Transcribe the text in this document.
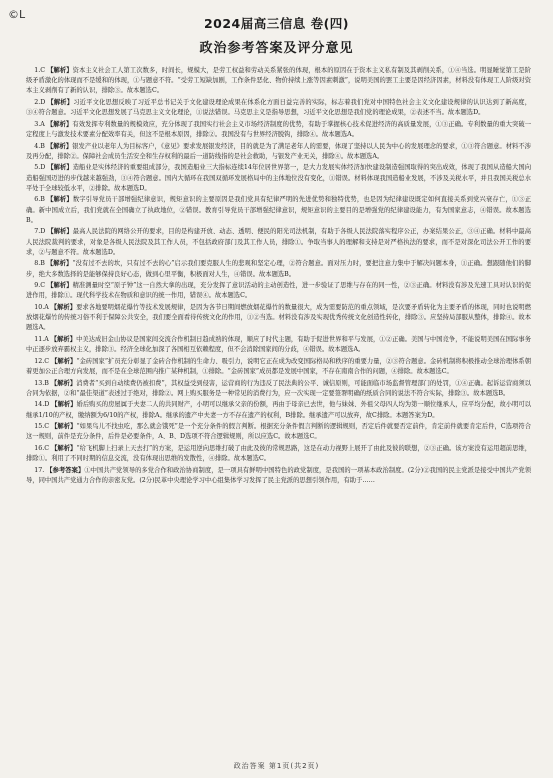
©L
2024届高三信息 卷(四)
政治参考答案及评分意见

1.C 【解析】资本主义社会工人第工次数多，时间长，规模大，是劳工权益和劳动关系紧张的体现，根本的原因在于资本主义私有制及其剥削关系，①④当选。明显睡觉第工是阶级矛盾激化的体现而不是缓和的体现，①与题意不符。“受劳工短缺加剧，工作条件恶化、物价持续上涨等因素刺激”，说明美国的罢工主要是因经济因素，材料没有体现工人阶级对资本主义剥削有了新的认识，排除③。故本题选C。

2.D 【解析】习近平文化思想反映了习近平总书记关于文化建设理论成果在体系化方面日益完善的实际，标志着我们党对中国特色社会主义文化建设规律的认识达到了新高度，③④符合题意。习近平文化思想发展了马克思主义文化理论，①说法错误。马克思主义是指导思想，习近平文化思想是我们党的理论成果，②表述不当。故本题选D。

3.A 【解析】有效发挥专利数量的规模效应，充分体现了我国实行社会主义市场经济制度的优势，有助于掌握核心技术促进经济的高质量发展，①③正确。专利数量的重大突破一定程度上与激发技术要素分配效率有关，但这不是根本原因，排除②。我国没有与世界经济脱钩，排除④。故本题选A。

4.B 【解析】银发产业以老年人为目标客户，《意见》要求发展银发经济，目的就是为了满足老年人的需要，体现了坚持以人民为中心的发展理念的要求，①③符合题意。材料不涉及再分配，排除②。保障社会成员生活安全和生存权利的最后一道防线指的是社会救助，与银发产业无关，排除④。故本题选A。

5.D 【解析】造船业是实体经济的重要组成部分，我国造船业三大指标连续14年位居世界第一，是大力发展实体经济加快建设制造强国取得的突出成效，体现了我国从造船大国向造船强国迈进的步伐越来越强劲，③④符合题意。国内大循环在我国双循环发展格局中的主体地位没有变化，①错误。材料体现我国造船业发展，不涉及关税水平，并且我国关税总水平处于全球较低水平，②排除。故本题选D。

6.B 【解析】数字引导党员干部增强纪律意识，规矩意识的主要原因是我们党具有纪律严明的先进优势和独特优势，也是因为纪律建设既定如何直接关系到党兴衰存亡，①③正确。新中国成立后，我们党就在全国确立了执政地位，②错误。教育引导党员干部增强纪律意识，规矩意识的主要目的是增强党的纪律建设能力，有为国家意志，④错误。故本题选B。

7.D 【解析】最高人民法院的网络公开的要求，目的是构建开放、动态、透明、便民的阳光司法机制，有助于各级人民法院落实程序公正，办案结果公正，③④正确。材料中最高人民法院裁判的要求，对象是各级人民法院及其工作人员，不包括政府部门及其工作人员，排除①。争取当事人的理解和支持是对严格执法的要求，而不是对深化司法公开工作的要求，②与题意不符。故本题选D。

8.B 【解析】“没有过不去的坎，只有过不去的心”启示我们要克服人生的悲观和坚定心理，②符合题意。面对压力时，要把注意力集中于解决问题本身，①正确。想跟随他们的脚步，绝大多数选择的是能够保持良好心态，做到心里平衡，积极面对人生，④错误。故本题选B。

9.C 【解析】精准测量时空“原子钟”这一自然大拿的出现，充分发挥了意识活动的主动创造性，进一步验证了思维与存在的同一性，②③正确。材料没有涉及光速工具对认识的促进作用，排除①。现代科学技术在物质和意识的统一作用，错误④。故本题选C。

10.A 【解析】要求各地要明烟花爆竹等技术发展规律，是因为各节日期间燃放烟花爆竹的数量很大，成为需要防范的重点领域，是次要矛盾转化为主要矛盾的体现，同时也说明燃放烟花爆竹的传统习俗不利于保障公共安全，我们要全面看待传统文化的作用，①②当选。材料没有涉及实现优秀传统文化创造性转化，排除③。应坚持局部服从整体，排除④。故本题选A。

11.A 【解析】中美达成旧金山协议是国家间交流合作机制日趋成熟的体现，顺应了时代主题，有助于促进世界和平与发展，①②正确。美国与中国竞争，不能说明美国在国际事务中正逐步放弃霸权主义，排除③。经济全球化加深了各国相互依赖程度，但不会消除国家间的分歧，④错误。故本题选A。

12.C 【解析】“金砖国家”扩员充分彰显了金砖合作机制的生命力、吸引力，说明它正在成为改变国际格局和秩序的重要力量，②③符合题意。金砖机制将积极推动全球治理体系朝着更加公正合理方向发展，而不是在全球范围内推广某种机制，①排除。“金砖国家”成员都是发展中国家，不存在南南合作的问题，④排除。故本题选C。

13.B 【解析】消费者“买到自动续费仍被扣费”，其权益受到侵害，运营商的行为违反了民法典的公平、诚信原则，可能面临市场监督管理部门的处罚，①④正确。起诉运营商须以合同为依据，②和“最佳渠道”表述过于绝对，排除②。网上购买服务是一种常见的消费行为，应一次实现一定要签署明确的纸质合同的说法不符合实际，排除③。故本题选B。

14.D 【解析】婚后购买的房屋属于夫妻二人的共同财产，小明可以继承父亲的份额，再由于母亲已去世，他与妹妹、外祖父母四人均为第一顺位继承人，应平均分配，故小明可以继承1/10的产权，缴纳额为6/10的产权，排除A。继承的遗产中夫妻一方不存在遗产的权利，B排除。继承遗产可以放弃，故C排除。本题答案为D。

15.C 【解析】“如果鸟儿不找虫吃，那么就会饿死”是一个充分条件的假言判断。根据充分条件假言判断的逻辑规则，否定后件就要否定前件，肯定前件就要肯定后件，C选项符合这一规则，前件是充分条件，后件是必要条件，A、B、D选项不符合逻辑规则，所以应选C。故本题选C。

16.C 【解析】“给飞机脚上扫录上天去打”的方案，是运用逆向思维打破了由此及彼的常规思路，这是在动力视野上展开了由此及彼的联想，②③正确。该方案没有运用超前思维，排除①。利用了不同时期的信息交流，没有体现出思维的发散性，④排除。故本题选C。

17. 【参考答案】①中国共产党领导的多党合作和政治协商制度，是一项具有鲜明中国特色的政党制度，是我国的一项基本政治制度。(2分)②我国的民主党派是接受中国共产党领导，同中国共产党通力合作的亲密友党。(2分)民革中央理论学习中心组集体学习发挥了民主党派的思想引领作用，有助于……

政治答案 第1页(共2页)
